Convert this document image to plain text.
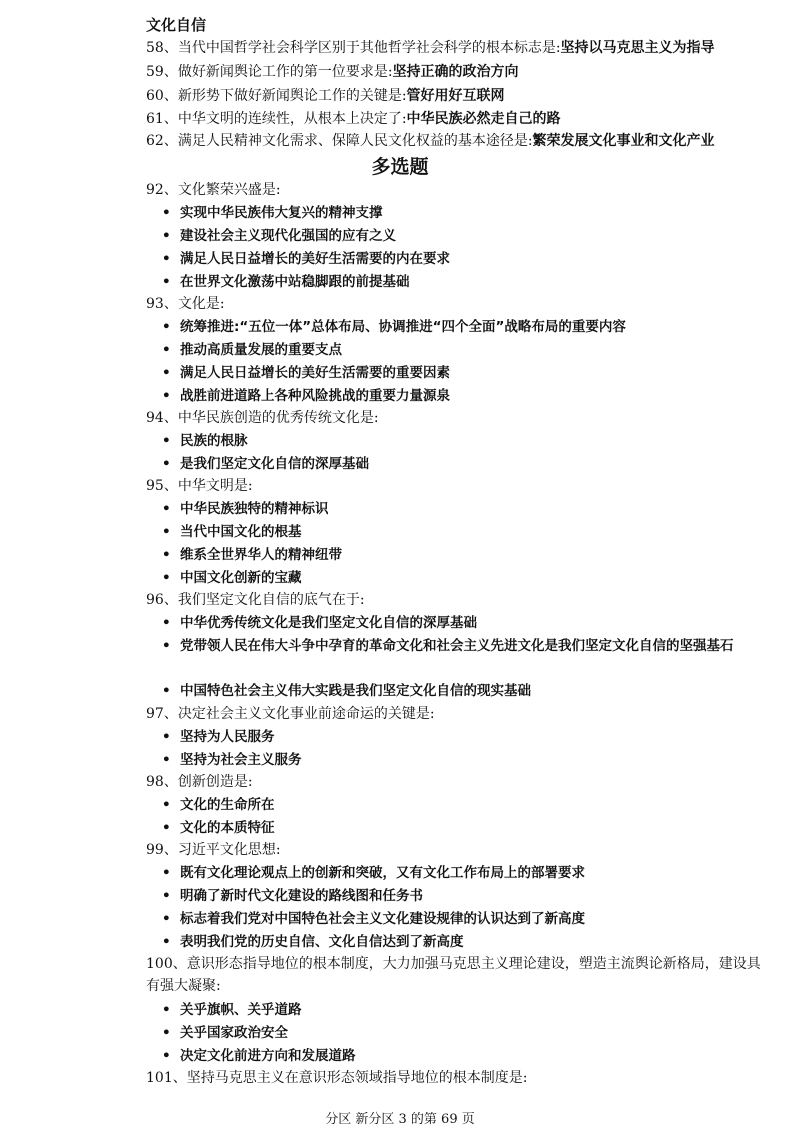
文化自信
58、当代中国哲学社会科学区别于其他哲学社会科学的根本标志是:坚持以马克思主义为指导
59、做好新闻舆论工作的第一位要求是:坚持正确的政治方向
60、新形势下做好新闻舆论工作的关键是:管好用好互联网
61、中华文明的连续性，从根本上决定了:中华民族必然走自己的路
62、满足人民精神文化需求、保障人民文化权益的基本途径是:繁荣发展文化事业和文化产业
多选题
92、文化繁荣兴盛是:
• 实现中华民族伟大复兴的精神支撑
• 建设社会主义现代化强国的应有之义
• 满足人民日益增长的美好生活需要的内在要求
• 在世界文化激荡中站稳脚跟的前提基础
93、文化是:
• 统筹推进:“五位一体”总体布局、协调推进“四个全面”战略布局的重要内容
• 推动高质量发展的重要支点
• 满足人民日益增长的美好生活需要的重要因素
• 战胜前进道路上各种风险挑战的重要力量源泉
94、中华民族创造的优秀传统文化是:
• 民族的根脉
• 是我们坚定文化自信的深厚基础
95、中华文明是:
• 中华民族独特的精神标识
• 当代中国文化的根基
• 维系全世界华人的精神纽带
• 中国文化创新的宝藏
96、我们坚定文化自信的底气在于:
• 中华优秀传统文化是我们坚定文化自信的深厚基础
• 党带领人民在伟大斗争中孕育的革命文化和社会主义先进文化是我们坚定文化自信的坚强基石
• 中国特色社会主义伟大实践是我们坚定文化自信的现实基础
97、决定社会主义文化事业前途命运的关键是:
• 坚持为人民服务
• 坚持为社会主义服务
98、创新创造是:
• 文化的生命所在
• 文化的本质特征
99、习近平文化思想:
• 既有文化理论观点上的创新和突破，又有文化工作布局上的部署要求
• 明确了新时代文化建设的路线图和任务书
• 标志着我们党对中国特色社会主义文化建设规律的认识达到了新高度
• 表明我们党的历史自信、文化自信达到了新高度
100、意识形态指导地位的根本制度，大力加强马克思主义理论建设，塑造主流舆论新格局，建设具有强大凝聚:
• 关乎旗帜、关乎道路
• 关乎国家政治安全
• 决定文化前进方向和发展道路
101、坚持马克思主义在意识形态领域指导地位的根本制度是:
分区 新分区 3 的第 69 页
